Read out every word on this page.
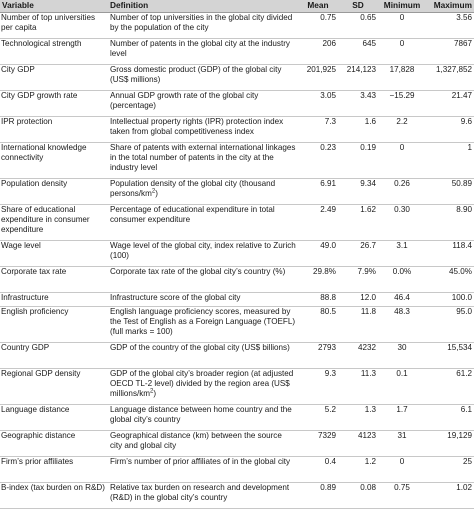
Variable	Definition	Mean	SD	Minimum	Maximum
Number of top universities per capita	Number of top universities in the global city divided by the population of the city	0.75	0.65	0	3.56
Technological strength	Number of patents in the global city at the industry level	206	645	0	7867
City GDP	Gross domestic product (GDP) of the global city (US$ millions)	201,925	214,123	17,828	1,327,852
City GDP growth rate	Annual GDP growth rate of the global city (percentage)	3.05	3.43	−15.29	21.47
IPR protection	Intellectual property rights (IPR) protection index taken from global competitiveness index	7.3	1.6	2.2	9.6
International knowledge connectivity	Share of patents with external international linkages in the total number of patents in the city at the industry level	0.23	0.19	0	1
Population density	Population density of the global city (thousand persons/$km^2$)	6.91	9.34	0.26	50.89
Share of educational expenditure in consumer expenditure	Percentage of educational expenditure in total consumer expenditure	2.49	1.62	0.30	8.90
Wage level	Wage level of the global city, index relative to Zurich (100)	49.0	26.7	3.1	118.4
Corporate tax rate	Corporate tax rate of the global city’s country (%)	29.8%	7.9%	0.0%	45.0%
Infrastructure	Infrastructure score of the global city	88.8	12.0	46.4	100.0
English proficiency	English language proficiency scores, measured by the Test of English as a Foreign Language (TOEFL) (full marks = 100)	80.5	11.8	48.3	95.0
Country GDP	GDP of the country of the global city (US$ billions)	2793	4232	30	15,534
Regional GDP density	GDP of the global city’s broader region (at adjusted OECD TL-2 level) divided by the region area (US$ millions/$km^2$)	9.3	11.3	0.1	61.2
Language distance	Language distance between home country and the global city’s country	5.2	1.3	1.7	6.1
Geographic distance	Geographical distance (km) between the source city and global city	7329	4123	31	19,129
Firm’s prior affiliates	Firm’s number of prior affiliates of in the global city	0.4	1.2	0	25
B-index (tax burden on R&D)	Relative tax burden on research and development (R&D) in the global city’s country	0.89	0.08	0.75	1.02
